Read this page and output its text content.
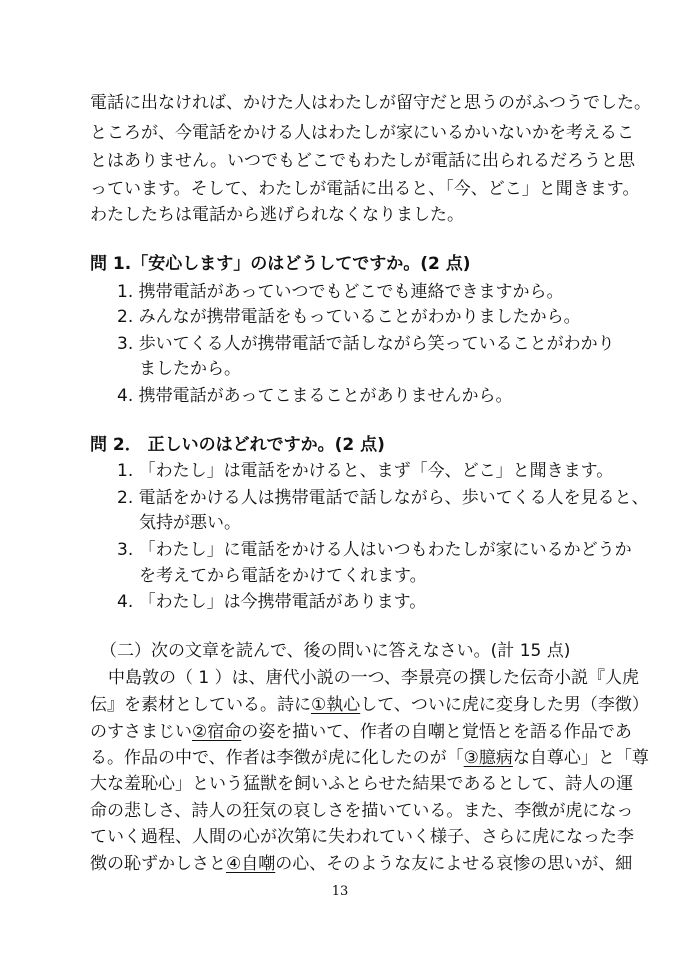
電話に出なければ、かけた人はわたしが留守だと思うのがふつうでした。
ところが、今電話をかける人はわたしが家にいるかいないかを考えるこ
とはありません。いつでもどこでもわたしが電話に出られるだろうと思
っています。そして、わたしが電話に出ると、「今、どこ」と聞きます。
わたしたちは電話から逃げられなくなりました。
問 1.「安心します」のはどうしてですか。(2 点)
1. 携帯電話があっていつでもどこでも連絡できますから。
2. みんなが携帯電話をもっていることがわかりましたから。
3. 歩いてくる人が携帯電話で話しながら笑っていることがわかり
ましたから。
4. 携帯電話があってこまることがありませんから。
問 2． 正しいのはどれですか。(2 点)
1. 「わたし」は電話をかけると、まず「今、どこ」と聞きます。
2. 電話をかける人は携帯電話で話しながら、歩いてくる人を見ると、
気持が悪い。
3. 「わたし」に電話をかける人はいつもわたしが家にいるかどうか
を考えてから電話をかけてくれます。
4. 「わたし」は今携帯電話があります。
（二）次の文章を読んで、後の問いに答えなさい。(計 15 点)
中島敦の（ 1 ）は、唐代小説の一つ、李景亮の撰した伝奇小説『人虎
伝』を素材としている。詩に①執心して、ついに虎に変身した男（李徴）
のすさまじい②宿命の姿を描いて、作者の自嘲と覚悟とを語る作品であ
る。作品の中で、作者は李徴が虎に化したのが「③臆病な自尊心」と「尊
大な羞恥心」という猛獣を飼いふとらせた結果であるとして、詩人の運
命の悲しさ、詩人の狂気の哀しさを描いている。また、李徴が虎になっ
ていく過程、人間の心が次第に失われていく様子、さらに虎になった李
徴の恥ずかしさと④自嘲の心、そのような友によせる哀惨の思いが、細
13
